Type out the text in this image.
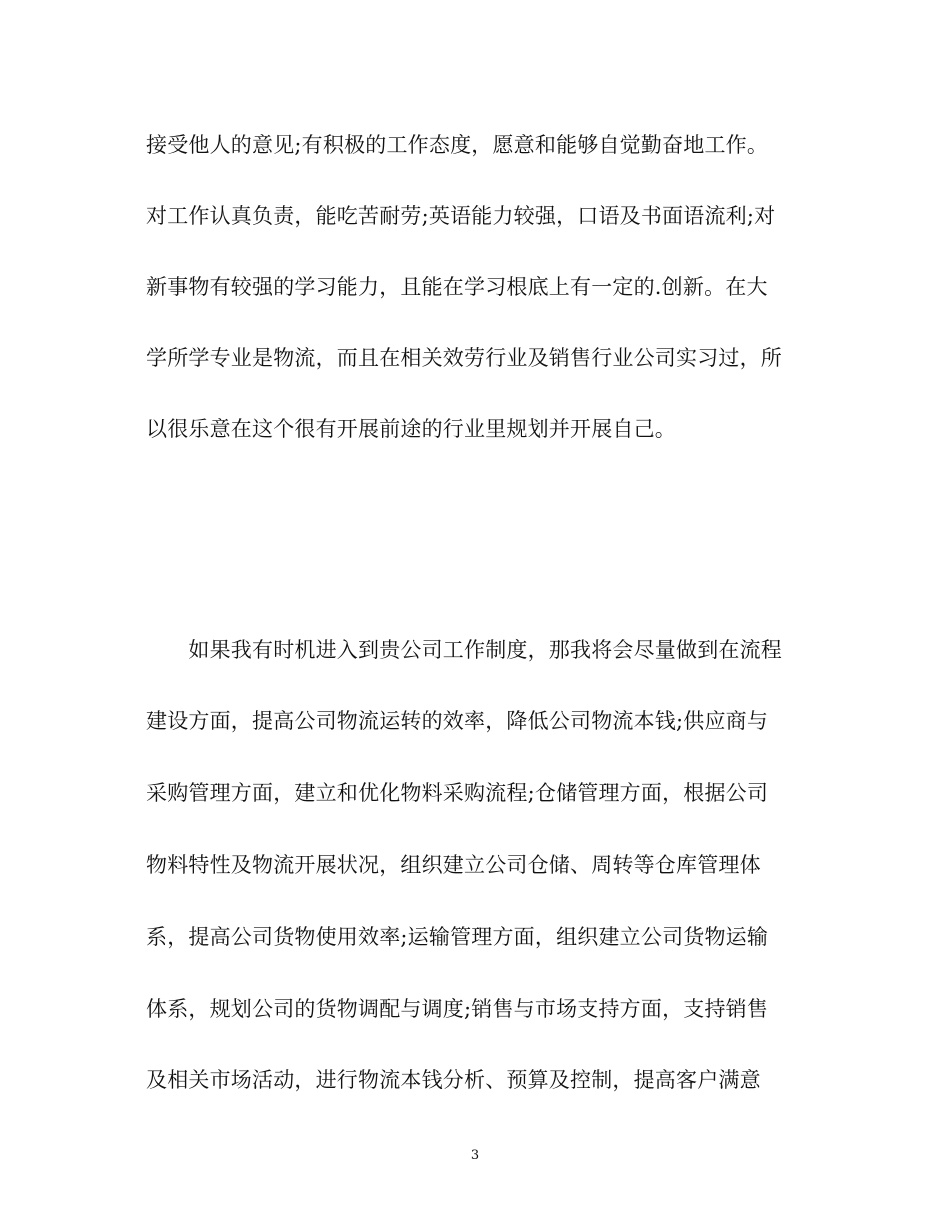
接受他人的意见;有积极的工作态度，愿意和能够自觉勤奋地工作。
对工作认真负责，能吃苦耐劳;英语能力较强，口语及书面语流利;对
新事物有较强的学习能力，且能在学习根底上有一定的.创新。在大
学所学专业是物流，而且在相关效劳行业及销售行业公司实习过，所
以很乐意在这个很有开展前途的行业里规划并开展自己。
　　如果我有时机进入到贵公司工作制度，那我将会尽量做到在流程
建设方面，提高公司物流运转的效率，降低公司物流本钱;供应商与
采购管理方面，建立和优化物料采购流程;仓储管理方面，根据公司
物料特性及物流开展状况，组织建立公司仓储、周转等仓库管理体
系，提高公司货物使用效率;运输管理方面，组织建立公司货物运输
体系，规划公司的货物调配与调度;销售与市场支持方面，支持销售
及相关市场活动，进行物流本钱分析、预算及控制，提高客户满意
3
